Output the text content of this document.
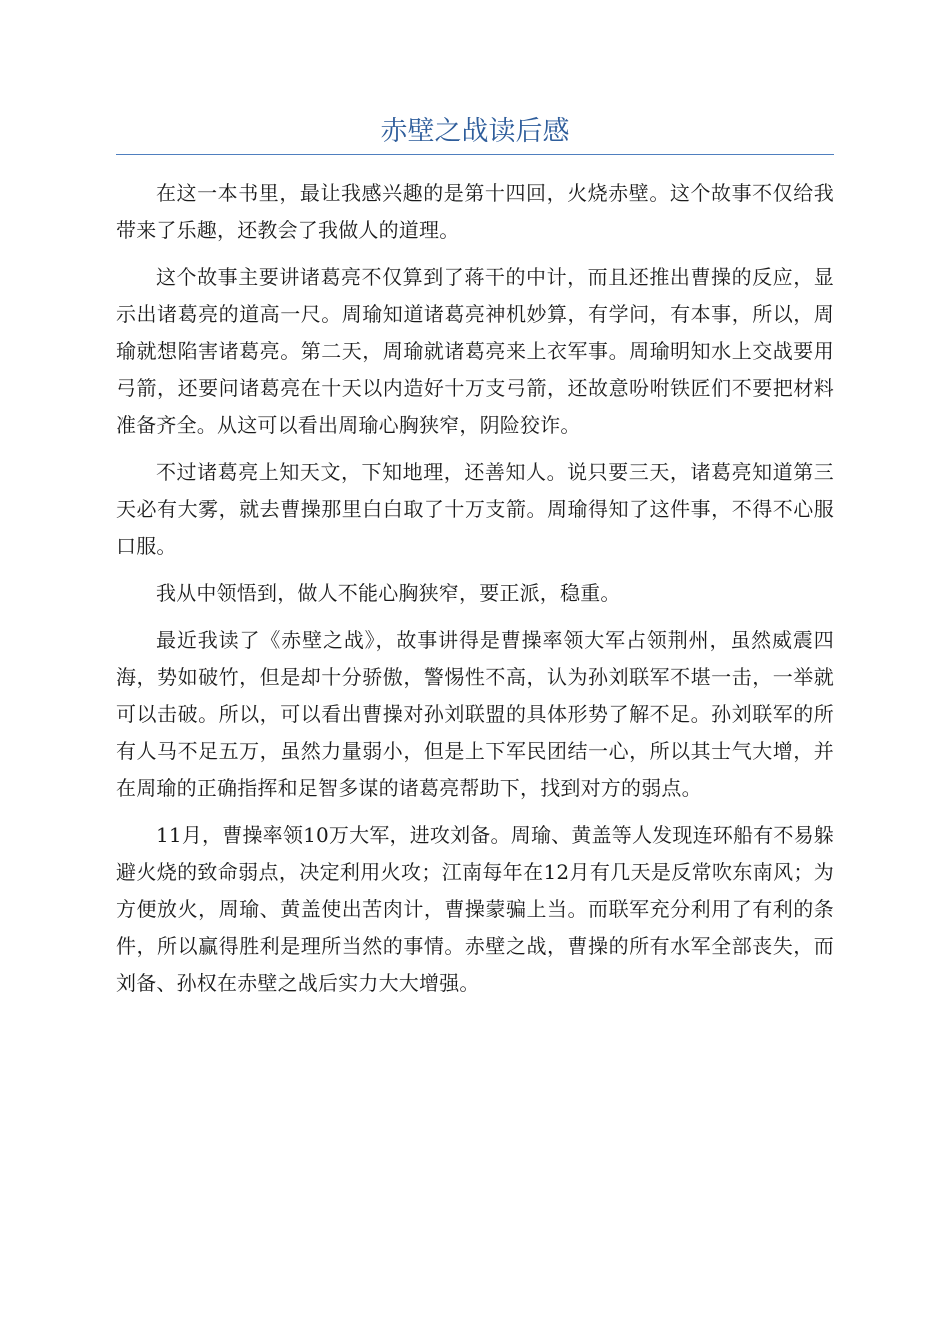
赤壁之战读后感

在这一本书里，最让我感兴趣的是第十四回，火烧赤壁。这个故事不仅给我带来了乐趣，还教会了我做人的道理。

这个故事主要讲诸葛亮不仅算到了蒋干的中计，而且还推出曹操的反应，显示出诸葛亮的道高一尺。周瑜知道诸葛亮神机妙算，有学问，有本事，所以，周瑜就想陷害诸葛亮。第二天，周瑜就诸葛亮来上衣军事。周瑜明知水上交战要用弓箭，还要问诸葛亮在十天以内造好十万支弓箭，还故意吩咐铁匠们不要把材料准备齐全。从这可以看出周瑜心胸狭窄，阴险狡诈。

不过诸葛亮上知天文，下知地理，还善知人。说只要三天，诸葛亮知道第三天必有大雾，就去曹操那里白白取了十万支箭。周瑜得知了这件事，不得不心服口服。

我从中领悟到，做人不能心胸狭窄，要正派，稳重。

最近我读了《赤壁之战》，故事讲得是曹操率领大军占领荆州，虽然威震四海，势如破竹，但是却十分骄傲，警惕性不高，认为孙刘联军不堪一击，一举就可以击破。所以，可以看出曹操对孙刘联盟的具体形势了解不足。孙刘联军的所有人马不足五万，虽然力量弱小，但是上下军民团结一心，所以其士气大增，并在周瑜的正确指挥和足智多谋的诸葛亮帮助下，找到对方的弱点。

11月，曹操率领10万大军，进攻刘备。周瑜、黄盖等人发现连环船有不易躲避火烧的致命弱点，决定利用火攻；江南每年在12月有几天是反常吹东南风；为方便放火，周瑜、黄盖使出苦肉计，曹操蒙骗上当。而联军充分利用了有利的条件，所以赢得胜利是理所当然的事情。赤壁之战，曹操的所有水军全部丧失，而刘备、孙权在赤壁之战后实力大大增强。
